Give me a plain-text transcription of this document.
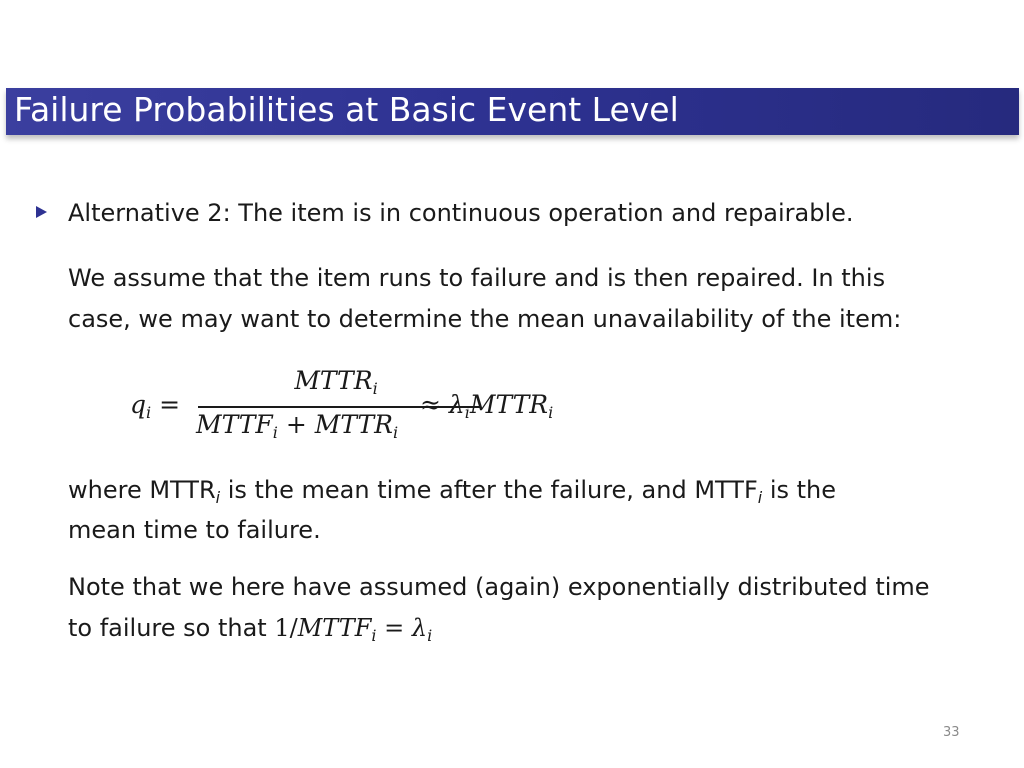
Failure Probabilities at Basic Event Level
Alternative 2: The item is in continuous operation and repairable.
We assume that the item runs to failure and is then repaired. In this
case, we may want to determine the mean unavailability of the item:
$q_i$ =
$MTTR_i$
$MTTF_i$ + $MTTR_i$
≈ $\lambda_iMTTR_i$
where $MTTR_i$ is the mean time after the failure, and $MTTF_i$ is the
mean time to failure.
Note that we here have assumed (again) exponentially distributed time
to failure so that $1/MTTF_i = \lambda_i$
33
